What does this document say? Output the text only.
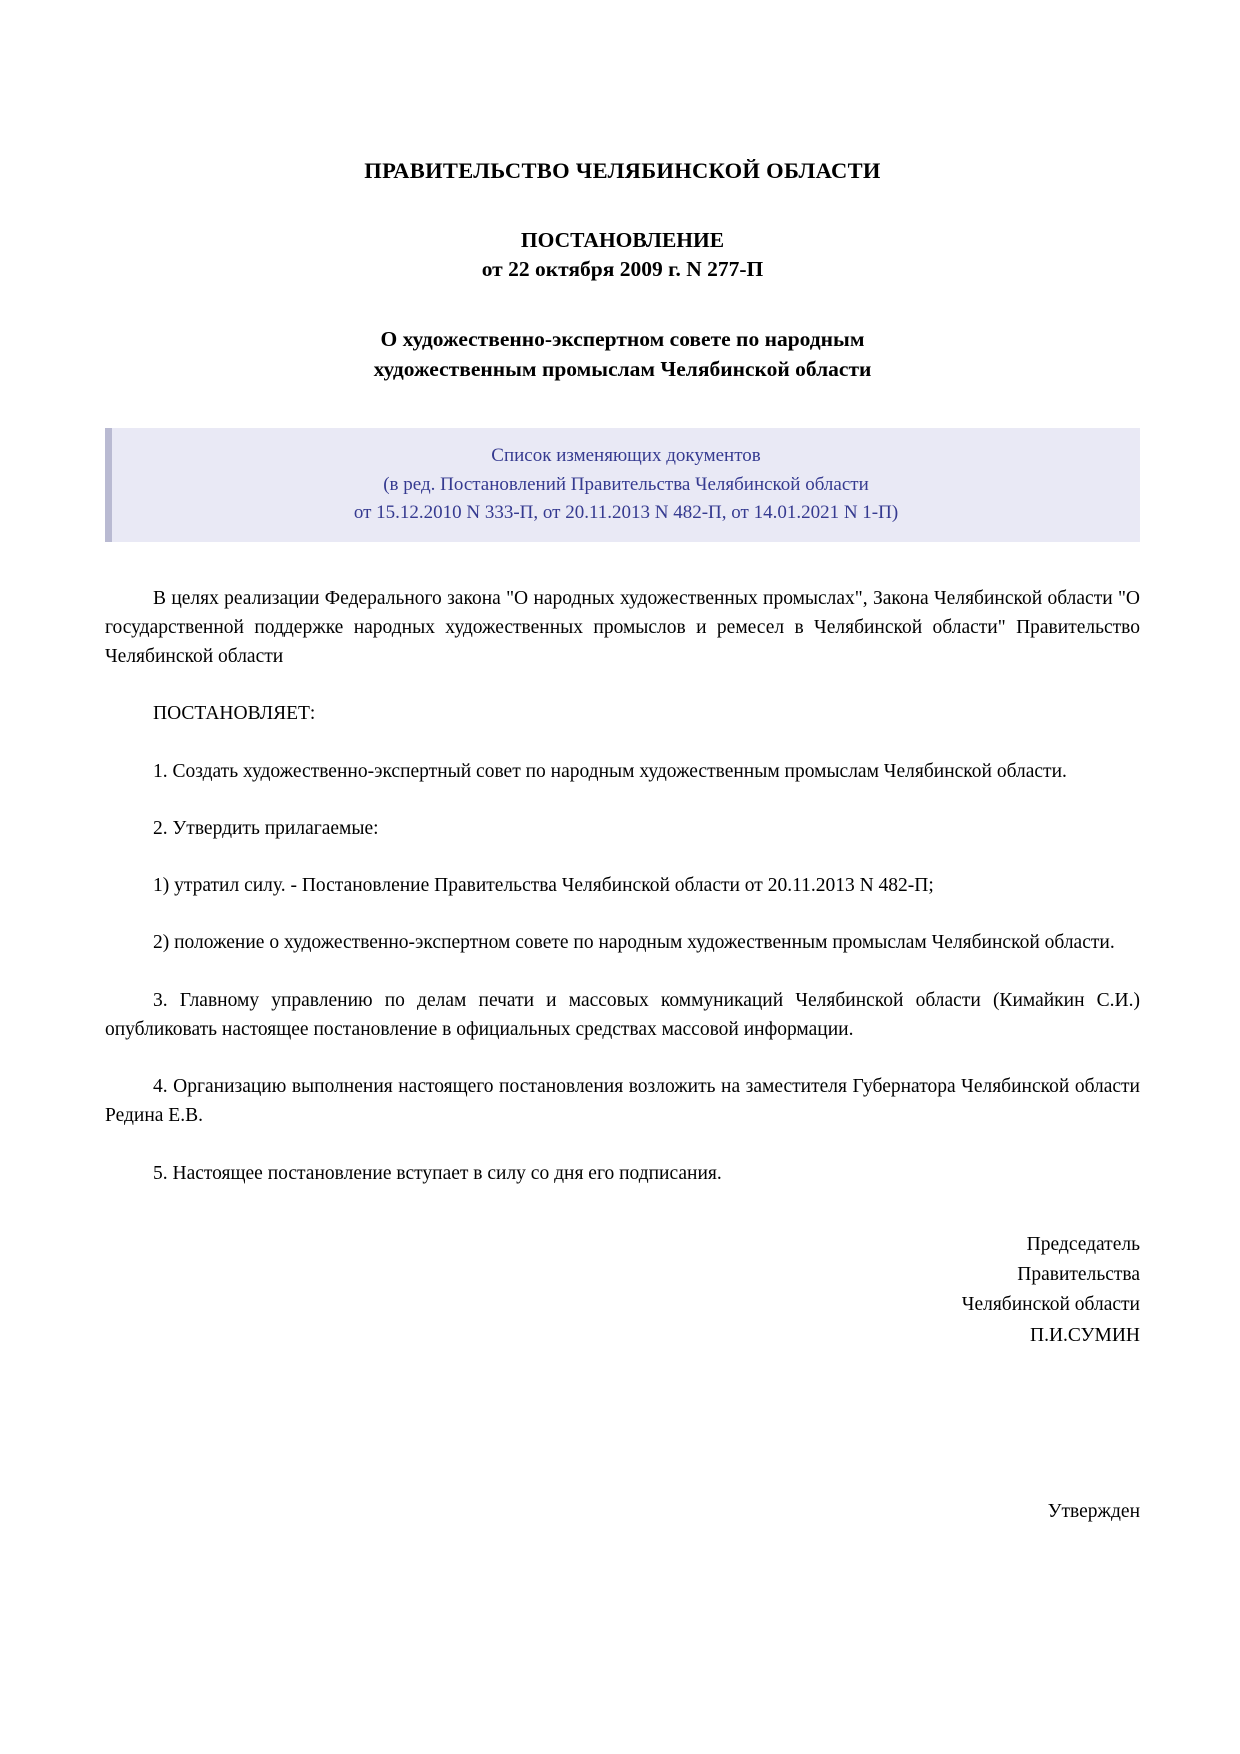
ПРАВИТЕЛЬСТВО ЧЕЛЯБИНСКОЙ ОБЛАСТИ
ПОСТАНОВЛЕНИЕ
от 22 октября 2009 г. N 277-П
О художественно-экспертном совете по народным
художественным промыслам Челябинской области
Список изменяющих документов
(в ред. Постановлений Правительства Челябинской области
от 15.12.2010 N 333-П, от 20.11.2013 N 482-П, от 14.01.2021 N 1-П)
В целях реализации Федерального закона "О народных художественных промыслах", Закона Челябинской области "О государственной поддержке народных художественных промыслов и ремесел в Челябинской области" Правительство Челябинской области
ПОСТАНОВЛЯЕТ:
1. Создать художественно-экспертный совет по народным художественным промыслам Челябинской области.
2. Утвердить прилагаемые:
1) утратил силу. - Постановление Правительства Челябинской области от 20.11.2013 N 482-П;
2) положение о художественно-экспертном совете по народным художественным промыслам Челябинской области.
3. Главному управлению по делам печати и массовых коммуникаций Челябинской области (Кимайкин С.И.) опубликовать настоящее постановление в официальных средствах массовой информации.
4. Организацию выполнения настоящего постановления возложить на заместителя Губернатора Челябинской области Редина Е.В.
5. Настоящее постановление вступает в силу со дня его подписания.
Председатель
Правительства
Челябинской области
П.И.СУМИН
Утвержден
